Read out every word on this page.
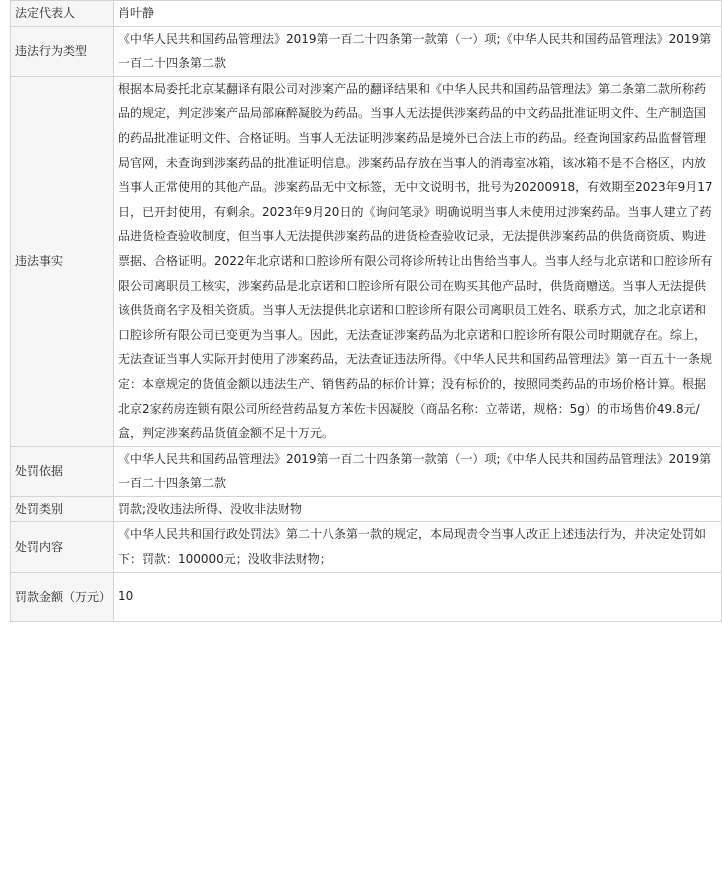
法定代表人	肖叶静
违法行为类型	《中华人民共和国药品管理法》2019第一百二十四条第一款第（一）项;《中华人民共和国药品管理法》2019第一百二十四条第二款
违法事实	根据本局委托北京某翻译有限公司对涉案产品的翻译结果和《中华人民共和国药品管理法》第二条第二款所称药品的规定，判定涉案产品局部麻醉凝胶为药品。当事人无法提供涉案药品的中文药品批准证明文件、生产制造国的药品批准证明文件、合格证明。当事人无法证明涉案药品是境外已合法上市的药品。经查询国家药品监督管理局官网，未查询到涉案药品的批准证明信息。涉案药品存放在当事人的消毒室冰箱，该冰箱不是不合格区，内放当事人正常使用的其他产品。涉案药品无中文标签，无中文说明书，批号为20200918，有效期至2023年9月17日，已开封使用，有剩余。2023年9月20日的《询问笔录》明确说明当事人未使用过涉案药品。当事人建立了药品进货检查验收制度，但当事人无法提供涉案药品的进货检查验收记录，无法提供涉案药品的供货商资质、购进票据、合格证明。2022年北京诺和口腔诊所有限公司将诊所转让出售给当事人。当事人经与北京诺和口腔诊所有限公司离职员工核实，涉案药品是北京诺和口腔诊所有限公司在购买其他产品时，供货商赠送。当事人无法提供该供货商名字及相关资质。当事人无法提供北京诺和口腔诊所有限公司离职员工姓名、联系方式，加之北京诺和口腔诊所有限公司已变更为当事人。因此，无法查证涉案药品为北京诺和口腔诊所有限公司时期就存在。综上，无法查证当事人实际开封使用了涉案药品，无法查证违法所得。《中华人民共和国药品管理法》第一百五十一条规定：本章规定的货值金额以违法生产、销售药品的标价计算；没有标价的，按照同类药品的市场价格计算。根据北京2家药房连锁有限公司所经营药品复方苯佐卡因凝胶（商品名称：立蒂诺，规格：5g）的市场售价49.8元/盒，判定涉案药品货值金额不足十万元。
处罚依据	《中华人民共和国药品管理法》2019第一百二十四条第一款第（一）项;《中华人民共和国药品管理法》2019第一百二十四条第二款
处罚类别	罚款;没收违法所得、没收非法财物
处罚内容	《中华人民共和国行政处罚法》第二十八条第一款的规定，本局现责令当事人改正上述违法行为，并决定处罚如下：罚款：100000元；没收非法财物；
罚款金额（万元）	10
